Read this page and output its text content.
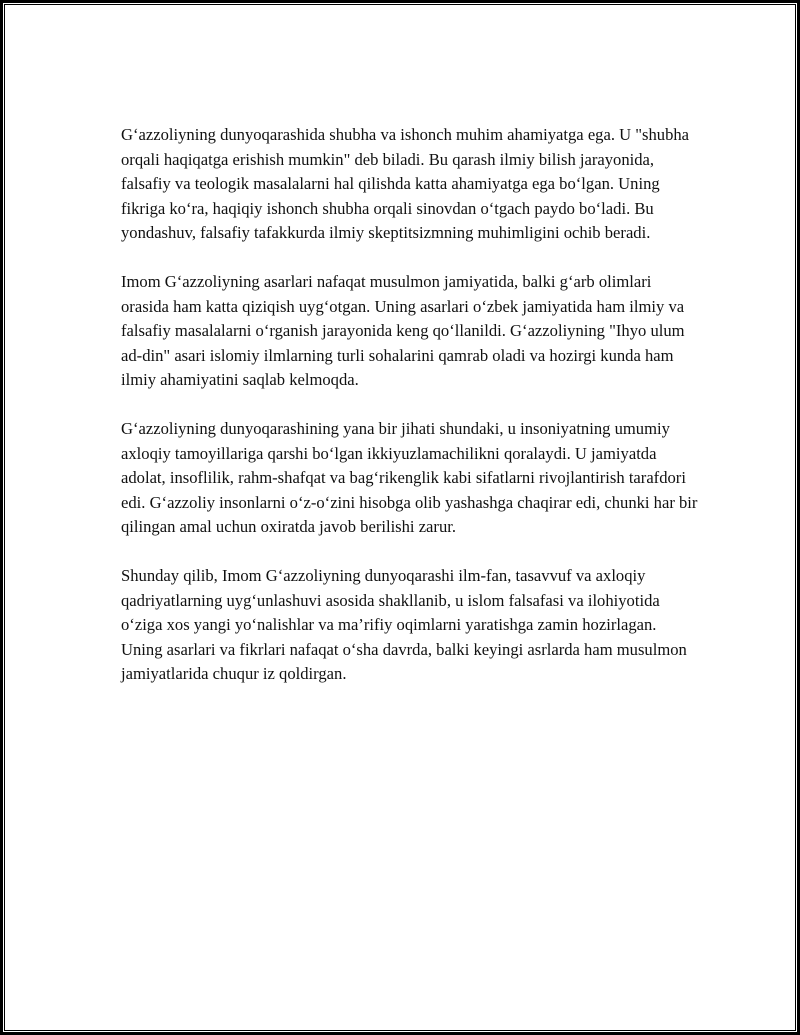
G‘azzoliyning dunyoqarashida shubha va ishonch muhim ahamiyatga ega. U "shubha orqali haqiqatga erishish mumkin" deb biladi. Bu qarash ilmiy bilish jarayonida, falsafiy va teologik masalalarni hal qilishda katta ahamiyatga ega bo‘lgan. Uning fikriga ko‘ra, haqiqiy ishonch shubha orqali sinovdan o‘tgach paydo bo‘ladi. Bu yondashuv, falsafiy tafakkurda ilmiy skeptitsizmning muhimligini ochib beradi.

Imom G‘azzoliyning asarlari nafaqat musulmon jamiyatida, balki g‘arb olimlari orasida ham katta qiziqish uyg‘otgan. Uning asarlari o‘zbek jamiyatida ham ilmiy va falsafiy masalalarni o‘rganish jarayonida keng qo‘llanildi. G‘azzoliyning "Ihyo ulum ad-din" asari islomiy ilmlarning turli sohalarini qamrab oladi va hozirgi kunda ham ilmiy ahamiyatini saqlab kelmoqda.

G‘azzoliyning dunyoqarashining yana bir jihati shundaki, u insoniyatning umumiy axloqiy tamoyillariga qarshi bo‘lgan ikkiyuzlamachilikni qoralaydi. U jamiyatda adolat, insoflilik, rahm-shafqat va bag‘rikenglik kabi sifatlarni rivojlantirish tarafdori edi. G‘azzoliy insonlarni o‘z-o‘zini hisobga olib yashashga chaqirar edi, chunki har bir qilingan amal uchun oxiratda javob berilishi zarur.

Shunday qilib, Imom G‘azzoliyning dunyoqarashi ilm-fan, tasavvuf va axloqiy qadriyatlarning uyg‘unlashuvi asosida shakllanib, u islom falsafasi va ilohiyotida o‘ziga xos yangi yo‘nalishlar va ma’rifiy oqimlarni yaratishga zamin hozirlagan. Uning asarlari va fikrlari nafaqat o‘sha davrda, balki keyingi asrlarda ham musulmon jamiyatlarida chuqur iz qoldirgan.
